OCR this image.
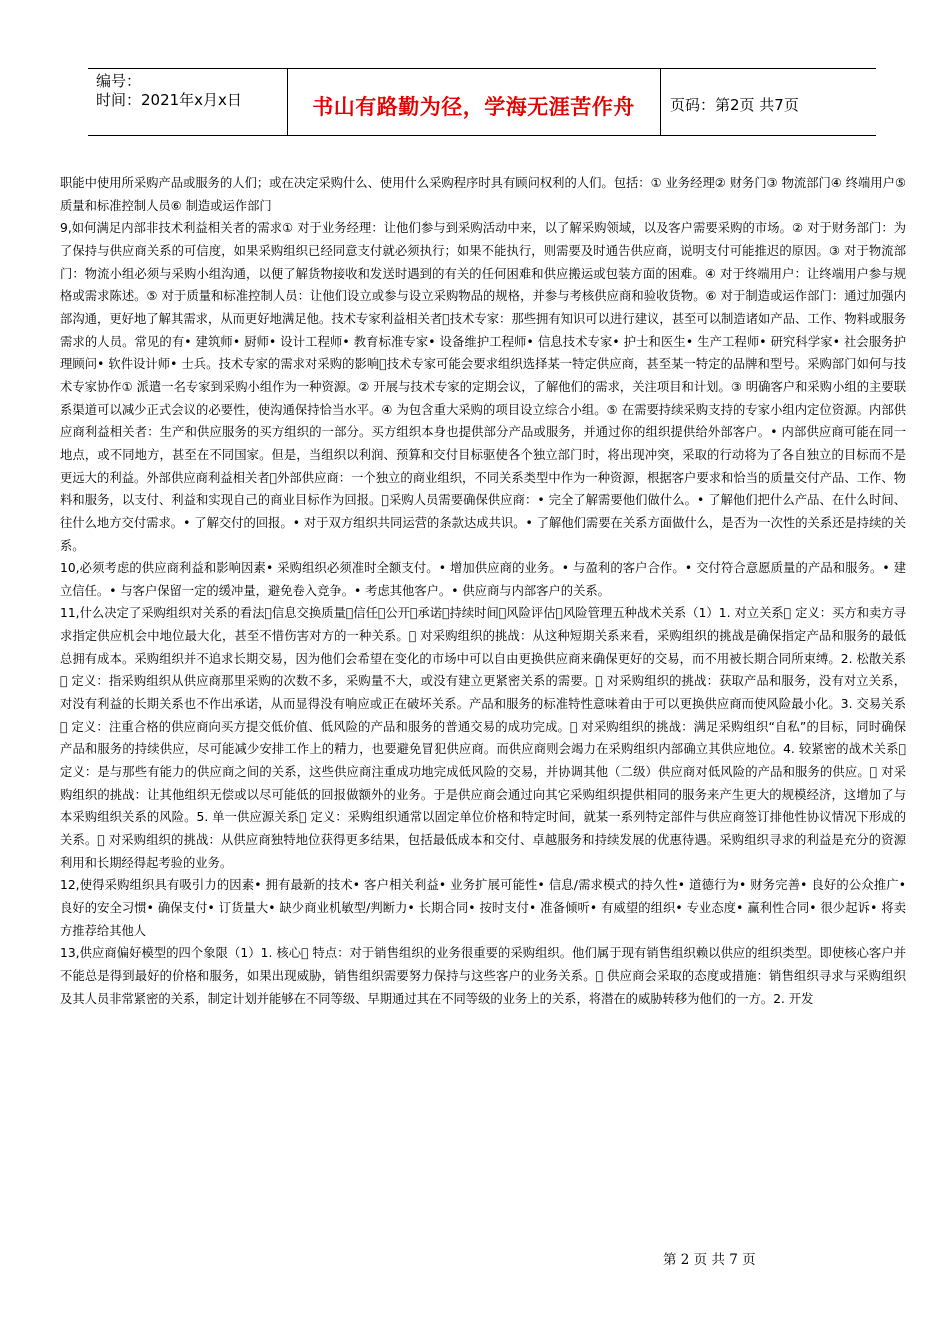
编号：
时间：2021年x月x日	书山有路勤为径，学海无涯苦作舟	页码：第2页 共7页

职能中使用所采购产品或服务的人们；或在决定采购什么、使用什么采购程序时具有顾问权利的人们。包括：① 业务经理② 财务门③ 物流部门④ 终端用户⑤ 质量和标准控制人员⑥ 制造或运作部门

9,如何满足内部非技术利益相关者的需求① 对于业务经理：让他们参与到采购活动中来，以了解采购领域，以及客户需要采购的市场。② 对于财务部门：为了保持与供应商关系的可信度，如果采购组织已经同意支付就必须执行；如果不能执行，则需要及时通告供应商，说明支付可能推迟的原因。③ 对于物流部门：物流小组必须与采购小组沟通，以便了解货物接收和发送时遇到的有关的任何困难和供应搬运或包装方面的困难。④ 对于终端用户：让终端用户参与规格或需求陈述。⑤ 对于质量和标准控制人员：让他们设立或参与设立采购物品的规格，并参与考核供应商和验收货物。⑥ 对于制造或运作部门：通过加强内部沟通，更好地了解其需求，从而更好地满足他。技术专家利益相关者􀀀技术专家：那些拥有知识可以进行建议，甚至可以制造诸如产品、工作、物料或服务需求的人员。常见的有• 建筑师• 厨师• 设计工程师• 教育标准专家• 设备维护工程师• 信息技术专家• 护士和医生• 生产工程师• 研究科学家• 社会服务护理顾问• 软件设计师• 士兵。技术专家的需求对采购的影响􀀀技术专家可能会要求组织选择某一特定供应商，甚至某一特定的品牌和型号。采购部门如何与技术专家协作① 派遣一名专家到采购小组作为一种资源。② 开展与技术专家的定期会议，了解他们的需求，关注项目和计划。③ 明确客户和采购小组的主要联系渠道可以减少正式会议的必要性，使沟通保持恰当水平。④ 为包含重大采购的项目设立综合小组。⑤ 在需要持续采购支持的专家小组内定位资源。内部供应商利益相关者：生产和供应服务的买方组织的一部分。买方组织本身也提供部分产品或服务，并通过你的组织提供给外部客户。• 内部供应商可能在同一地点，或不同地方，甚至在不同国家。但是，当组织以利润、预算和交付目标驱使各个独立部门时，将出现冲突，采取的行动将为了各自独立的目标而不是更远大的利益。外部供应商利益相关者􀀀外部供应商：一个独立的商业组织，不同关系类型中作为一种资源，根据客户要求和恰当的质量交付产品、工作、物料和服务，以支付、利益和实现自己的商业目标作为回报。􀀀采购人员需要确保供应商：• 完全了解需要他们做什么。• 了解他们把什么产品、在什么时间、往什么地方交付需求。• 了解交付的回报。• 对于双方组织共同运营的条款达成共识。• 了解他们需要在关系方面做什么，是否为一次性的关系还是持续的关系。

10,必须考虑的供应商利益和影响因素• 采购组织必须准时全额支付。• 增加供应商的业务。• 与盈利的客户合作。• 交付符合意愿质量的产品和服务。• 建立信任。• 与客户保留一定的缓冲量，避免卷入竞争。• 考虑其他客户。• 供应商与内部客户的关系。

11,什么决定了采购组织对关系的看法􀀀信息交换质量􀀀信任􀀀公开􀀀承诺􀀀持续时间􀀀风险评估􀀀风险管理五种战术关系（1）1. 对立关系􀀀 定义：买方和卖方寻求指定供应机会中地位最大化，甚至不惜伤害对方的一种关系。􀀀 对采购组织的挑战：从这种短期关系来看，采购组织的挑战是确保指定产品和服务的最低总拥有成本。采购组织并不追求长期交易，因为他们会希望在变化的市场中可以自由更换供应商来确保更好的交易，而不用被长期合同所束缚。2. 松散关系􀀀 定义：指采购组织从供应商那里采购的次数不多，采购量不大，或没有建立更紧密关系的需要。􀀀 对采购组织的挑战：获取产品和服务，没有对立关系，对没有利益的长期关系也不作出承诺，从而显得没有响应或正在破坏关系。产品和服务的标准特性意味着由于可以更换供应商而使风险最小化。3. 交易关系􀀀 定义：注重合格的供应商向买方提交低价值、低风险的产品和服务的普通交易的成功完成。􀀀 对采购组织的挑战：满足采购组织“自私”的目标，同时确保产品和服务的持续供应，尽可能减少安排工作上的精力，也要避免冒犯供应商。而供应商则会竭力在采购组织内部确立其供应地位。4. 较紧密的战术关系􀀀 定义：是与那些有能力的供应商之间的关系，这些供应商注重成功地完成低风险的交易，并协调其他（二级）供应商对低风险的产品和服务的供应。􀀀 对采购组织的挑战：让其他组织无偿或以尽可能低的回报做额外的业务。于是供应商会通过向其它采购组织提供相同的服务来产生更大的规模经济，这增加了与本采购组织关系的风险。5. 单一供应源关系􀀀 定义：采购组织通常以固定单位价格和特定时间，就某一系列特定部件与供应商签订排他性协议情况下形成的关系。􀀀 对采购组织的挑战：从供应商独特地位获得更多结果，包括最低成本和交付、卓越服务和持续发展的优惠待遇。采购组织寻求的利益是充分的资源利用和长期经得起考验的业务。

12,使得采购组织具有吸引力的因素• 拥有最新的技术• 客户相关利益• 业务扩展可能性• 信息/需求模式的持久性• 道德行为• 财务完善• 良好的公众推广• 良好的安全习惯• 确保支付• 订货量大• 缺少商业机敏型/判断力• 长期合同• 按时支付• 准备倾听• 有威望的组织• 专业态度• 赢利性合同• 很少起诉• 将卖方推荐给其他人

13,供应商偏好模型的四个象限（1）1. 核心􀀀 特点：对于销售组织的业务很重要的采购组织。他们属于现有销售组织赖以供应的组织类型。即使核心客户并不能总是得到最好的价格和服务，如果出现威胁，销售组织需要努力保持与这些客户的业务关系。􀀀 供应商会采取的态度或措施：销售组织寻求与采购组织及其人员非常紧密的关系，制定计划并能够在不同等级、早期通过其在不同等级的业务上的关系，将潜在的威胁转移为他们的一方。2. 开发

第 2 页 共 7 页
